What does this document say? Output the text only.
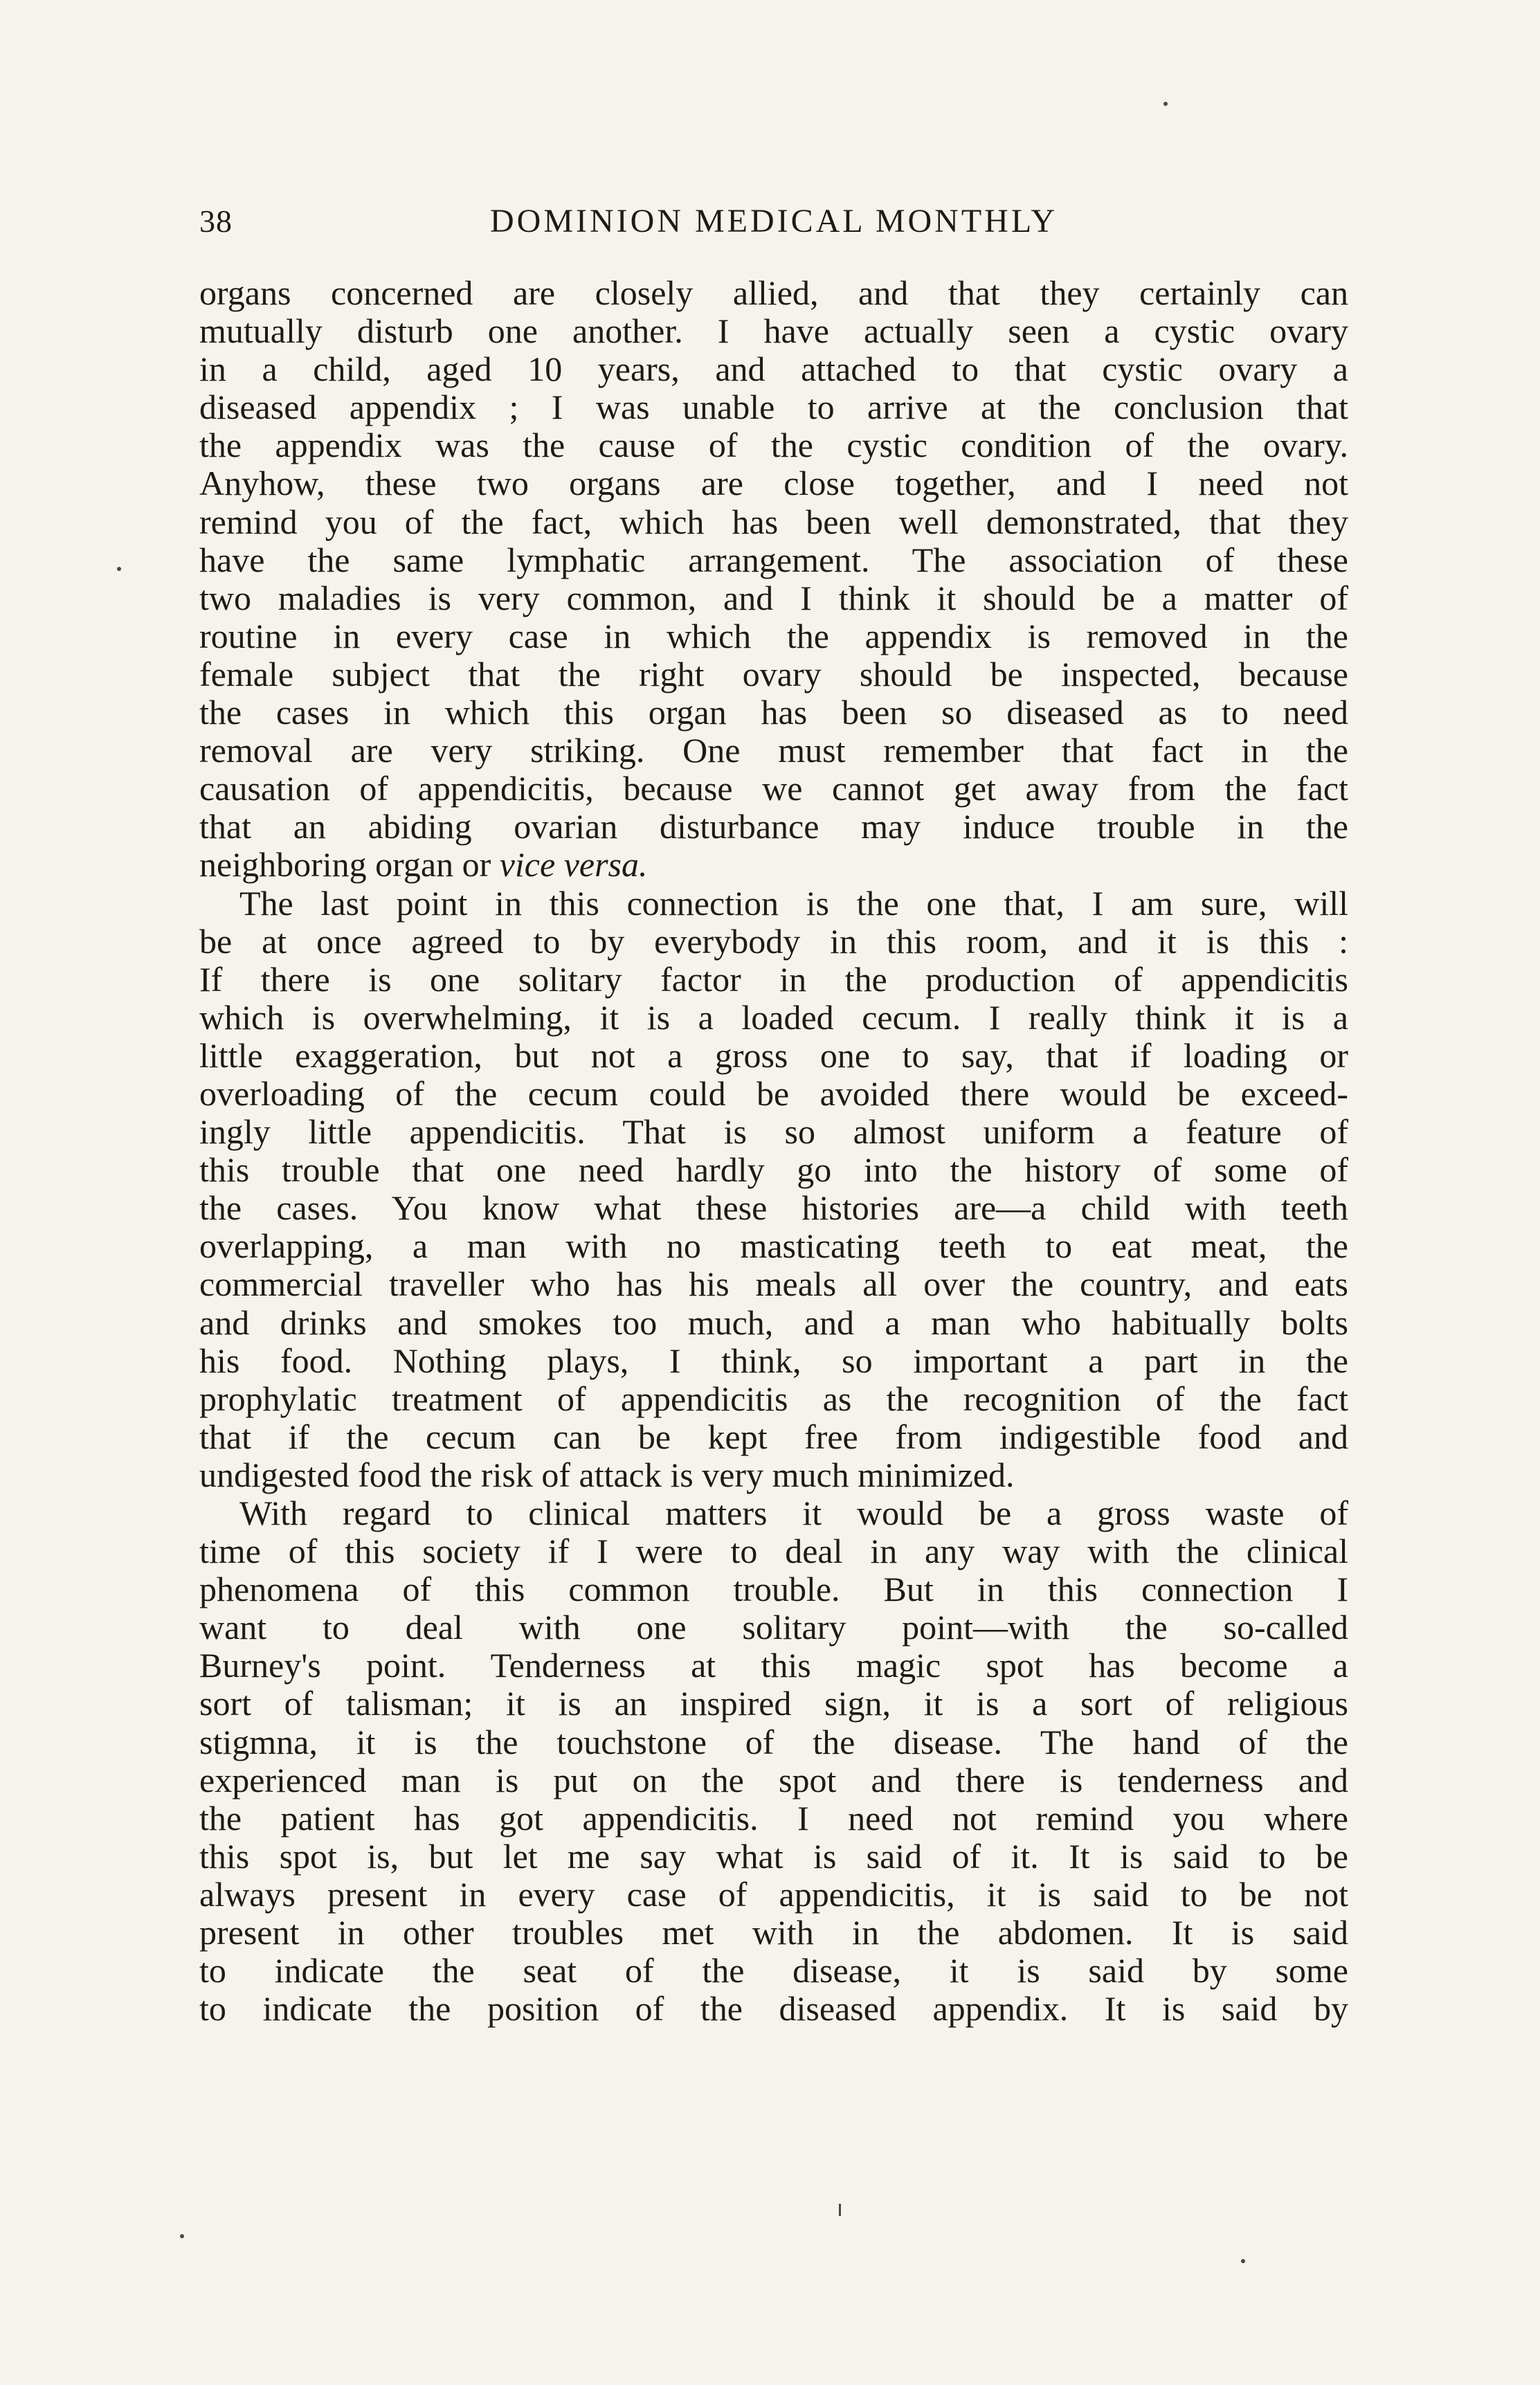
38	DOMINION MEDICAL MONTHLY
organs concerned are closely allied, and that they certainly can
mutually disturb one another. I have actually seen a cystic ovary
in a child, aged 10 years, and attached to that cystic ovary a
diseased appendix ; I was unable to arrive at the conclusion that
the appendix was the cause of the cystic condition of the ovary.
Anyhow, these two organs are close together, and I need not
remind you of the fact, which has been well demonstrated, that they
have the same lymphatic arrangement. The association of these
two maladies is very common, and I think it should be a matter of
routine in every case in which the appendix is removed in the
female subject that the right ovary should be inspected, because
the cases in which this organ has been so diseased as to need
removal are very striking. One must remember that fact in the
causation of appendicitis, because we cannot get away from the fact
that an abiding ovarian disturbance may induce trouble in the
neighboring organ or vice versa.
The last point in this connection is the one that, I am sure, will
be at once agreed to by everybody in this room, and it is this :
If there is one solitary factor in the production of appendicitis
which is overwhelming, it is a loaded cecum. I really think it is a
little exaggeration, but not a gross one to say, that if loading or
overloading of the cecum could be avoided there would be exceed-
ingly little appendicitis. That is so almost uniform a feature of
this trouble that one need hardly go into the history of some of
the cases. You know what these histories are—a child with teeth
overlapping, a man with no masticating teeth to eat meat, the
commercial traveller who has his meals all over the country, and eats
and drinks and smokes too much, and a man who habitually bolts
his food. Nothing plays, I think, so important a part in the
prophylatic treatment of appendicitis as the recognition of the fact
that if the cecum can be kept free from indigestible food and
undigested food the risk of attack is very much minimized.
With regard to clinical matters it would be a gross waste of
time of this society if I were to deal in any way with the clinical
phenomena of this common trouble. But in this connection I
want to deal with one solitary point—with the so-called
Burney's point. Tenderness at this magic spot has become a
sort of talisman; it is an inspired sign, it is a sort of religious
stigmna, it is the touchstone of the disease. The hand of the
experienced man is put on the spot and there is tenderness and
the patient has got appendicitis. I need not remind you where
this spot is, but let me say what is said of it. It is said to be
always present in every case of appendicitis, it is said to be not
present in other troubles met with in the abdomen. It is said
to indicate the seat of the disease, it is said by some
to indicate the position of the diseased appendix. It is said by
